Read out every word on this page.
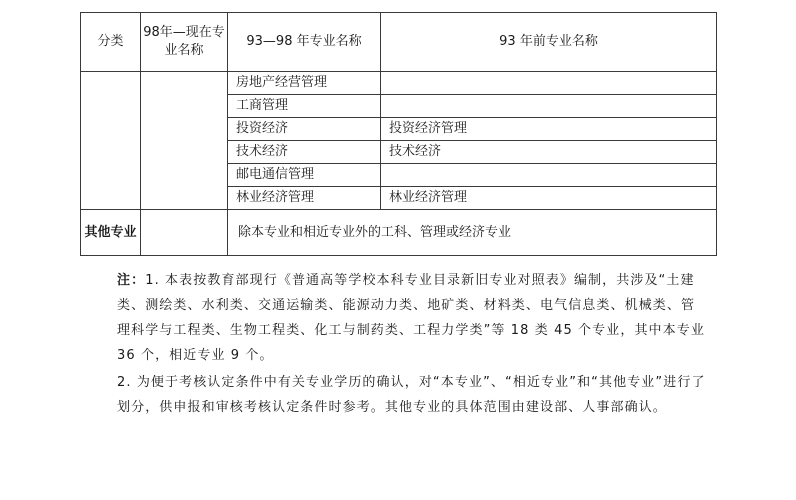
分类	98年—现在专业名称	93—98 年专业名称	93 年前专业名称
		房地产经营管理	
		工商管理	
		投资经济	投资经济管理
		技术经济	技术经济
		邮电通信管理	
		林业经济管理	林业经济管理
其他专业		除本专业和相近专业外的工科、管理或经济专业	

注：1. 本表按教育部现行《普通高等学校本科专业目录新旧专业对照表》编制，共涉及“土建类、测绘类、水利类、交通运输类、能源动力类、地矿类、材料类、电气信息类、机械类、管理科学与工程类、生物工程类、化工与制药类、工程力学类”等 18 类 45 个专业，其中本专业 36 个，相近专业 9 个。

2. 为便于考核认定条件中有关专业学历的确认，对“本专业”、“相近专业”和“其他专业”进行了划分，供申报和审核考核认定条件时参考。其他专业的具体范围由建设部、人事部确认。
